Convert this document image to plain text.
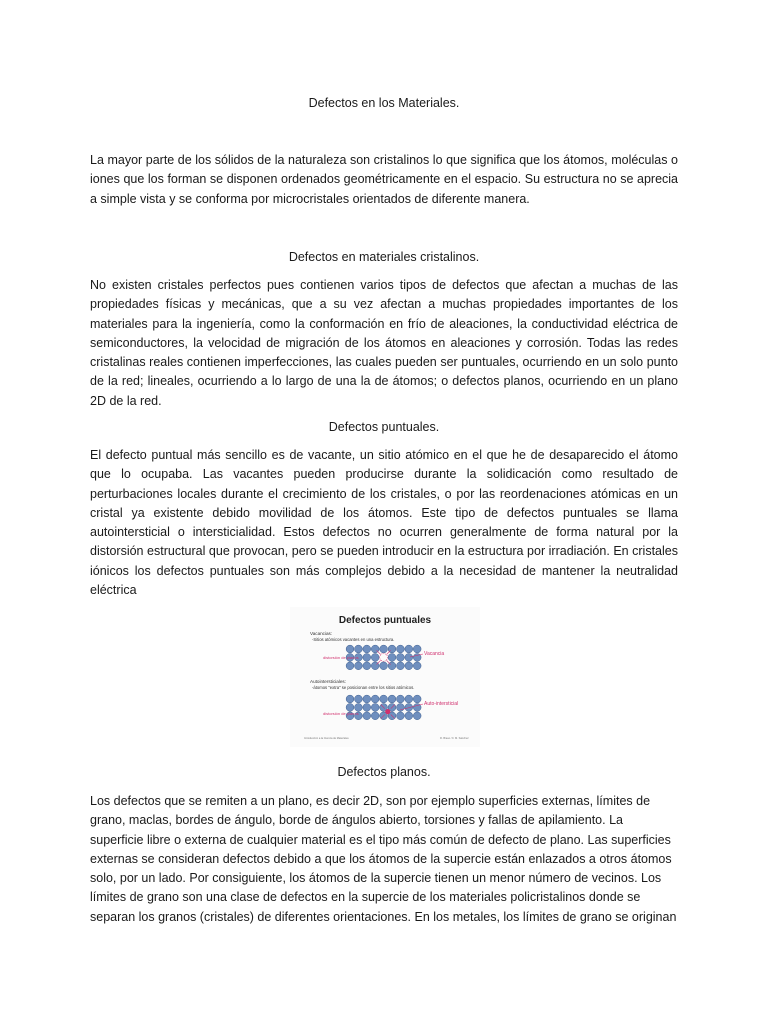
Defectos en los Materiales.
La mayor parte de los sólidos de la naturaleza son cristalinos lo que significa que los átomos, moléculas o iones que los forman se disponen ordenados geométricamente en el espacio. Su estructura no se aprecia a simple vista y se conforma por microcristales orientados de diferente manera.
Defectos en materiales cristalinos.
No existen cristales perfectos pues contienen varios tipos de defectos que afectan a muchas de las propiedades físicas y mecánicas, que a su vez afectan a muchas propiedades importantes de los materiales para la ingeniería, como la conformación en frío de aleaciones, la conductividad eléctrica de semiconductores, la velocidad de migración de los átomos en aleaciones y corrosión. Todas las redes cristalinas reales contienen imperfecciones, las cuales pueden ser puntuales, ocurriendo en un solo punto de la red; lineales, ocurriendo a lo largo de una la de átomos; o defectos planos, ocurriendo en un plano 2D de la red.
Defectos puntuales.
El defecto puntual más sencillo es de vacante, un sitio atómico en el que he de desaparecido el átomo que lo ocupaba. Las vacantes pueden producirse durante la solidicación como resultado de perturbaciones locales durante el crecimiento de los cristales, o por las reordenaciones atómicas en un cristal ya existente debido movilidad de los átomos. Este tipo de defectos puntuales se llama autointersticial o intersticialidad. Estos defectos no ocurren generalmente de forma natural por la distorsión estructural que provocan, pero se pueden introducir en la estructura por irradiación. En cristales iónicos los defectos puntuales son más complejos debido a la necesidad de mantener la neutralidad eléctrica
Defectos puntuales
Vacancias:
-Sitios atómicos vacantes en una estructura.
distorsión de planos
Vacancia
Autointersticiales:
-átomos "extra" se posicionan entre los sitios atómicos.
distorsión de planos
Auto-intersticial
Introducción a la Ciencia de Materiales	R. Bravo / F. M. Sánchez
Defectos planos.
Los defectos que se remiten a un plano, es decir 2D, son por ejemplo superficies externas, límites de grano, maclas, bordes de ángulo, borde de ángulos abierto, torsiones y fallas de apilamiento. La superficie libre o externa de cualquier material es el tipo más común de defecto de plano. Las superficies externas se consideran defectos debido a que los átomos de la supercie están enlazados a otros átomos solo, por un lado. Por consiguiente, los átomos de la supercie tienen un menor número de vecinos. Los límites de grano son una clase de defectos en la supercie de los materiales policristalinos donde se separan los granos (cristales) de diferentes orientaciones. En los metales, los límites de grano se originan
